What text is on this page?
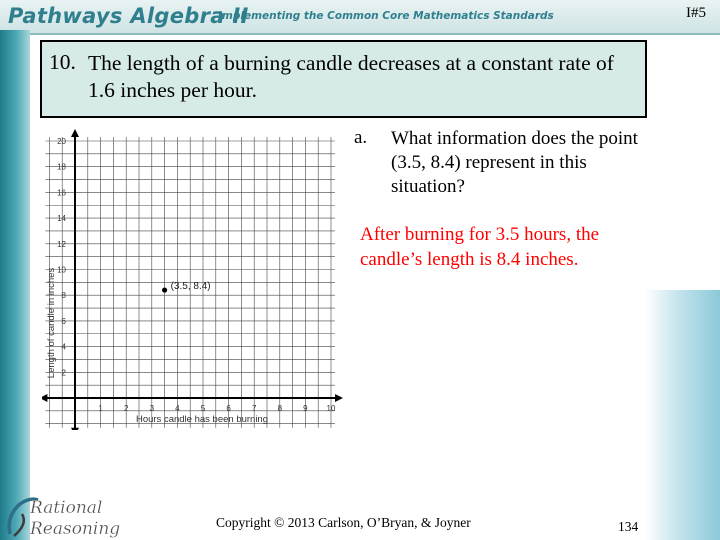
Pathways Algebra II
Implementing the Common Core Mathematics Standards	I#5
10. The length of a burning candle decreases at a constant rate of 1.6 inches per hour.
1	2	3	4	5	6	7	8	9 10
2
4
6
8
10
12
14
16
18
20
Length of candle in inches
Hours candle has been burning
(3.5, 8.4)
a. What information does the point (3.5, 8.4) represent in this situation?
After burning for 3.5 hours, the candle’s length is 8.4 inches.
Rational
Reasoning	Copyright © 2013 Carlson, O’Bryan, & Joyner	134
